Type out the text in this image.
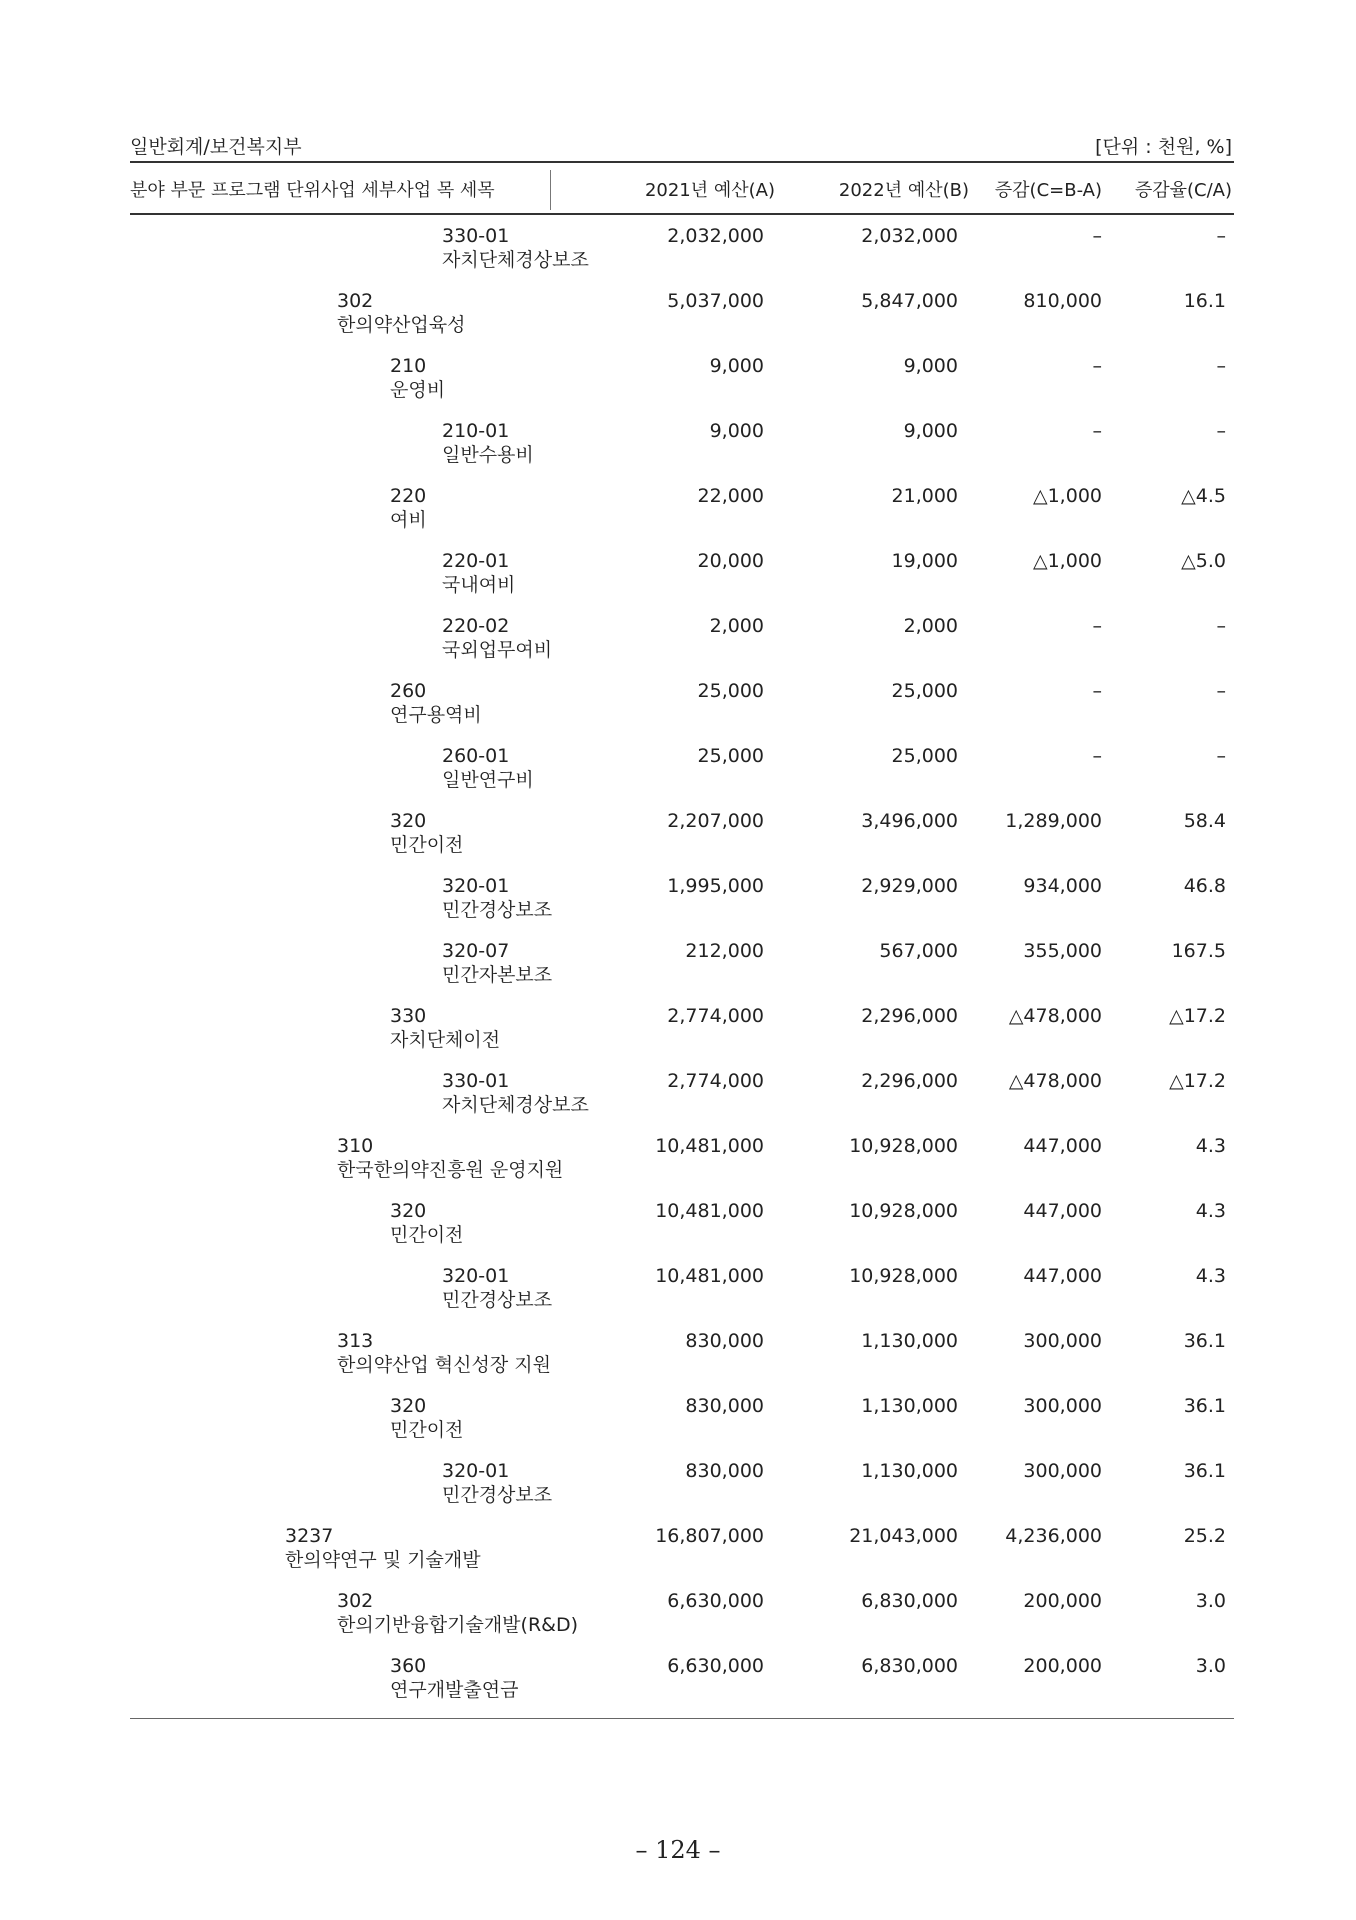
일반회계/보건복지부	[단위 : 천원, %]
분야 부문 프로그램 단위사업 세부사업 목 세목	2021년 예산(A)	2022년 예산(B) 증감(C=B-A) 증감율(C/A)
330-01
자치단체경상보조
2,032,000	2,032,000	–	–
302
한의약산업육성
5,037,000	5,847,000	810,000	16.1
210
운영비
9,000	9,000	–	–
210-01
일반수용비
9,000	9,000	–	–
220
여비
22,000	21,000	△1,000	△4.5
220-01
국내여비
20,000	19,000	△1,000	△5.0
220-02
국외업무여비
2,000	2,000	–	–
260
연구용역비
25,000	25,000	–	–
260-01
일반연구비
25,000	25,000	–	–
320
민간이전
2,207,000	3,496,000 1,289,000	58.4
320-01
민간경상보조
1,995,000	2,929,000	934,000	46.8
320-07
민간자본보조
212,000	567,000	355,000	167.5
330
자치단체이전
2,774,000	2,296,000	△478,000	△17.2
330-01
자치단체경상보조
2,774,000	2,296,000	△478,000	△17.2
310
한국한의약진흥원 운영지원
10,481,000	10,928,000	447,000	4.3
320
민간이전
10,481,000	10,928,000	447,000	4.3
320-01
민간경상보조
10,481,000	10,928,000	447,000	4.3
313
한의약산업 혁신성장 지원
830,000	1,130,000	300,000	36.1
320
민간이전
830,000	1,130,000	300,000	36.1
320-01
민간경상보조
830,000	1,130,000	300,000	36.1
3237
한의약연구 및 기술개발
16,807,000	21,043,000 4,236,000	25.2
302
한의기반융합기술개발(R&D)
6,630,000	6,830,000	200,000	3.0
360
연구개발출연금
6,630,000	6,830,000	200,000	3.0
– 124 –
